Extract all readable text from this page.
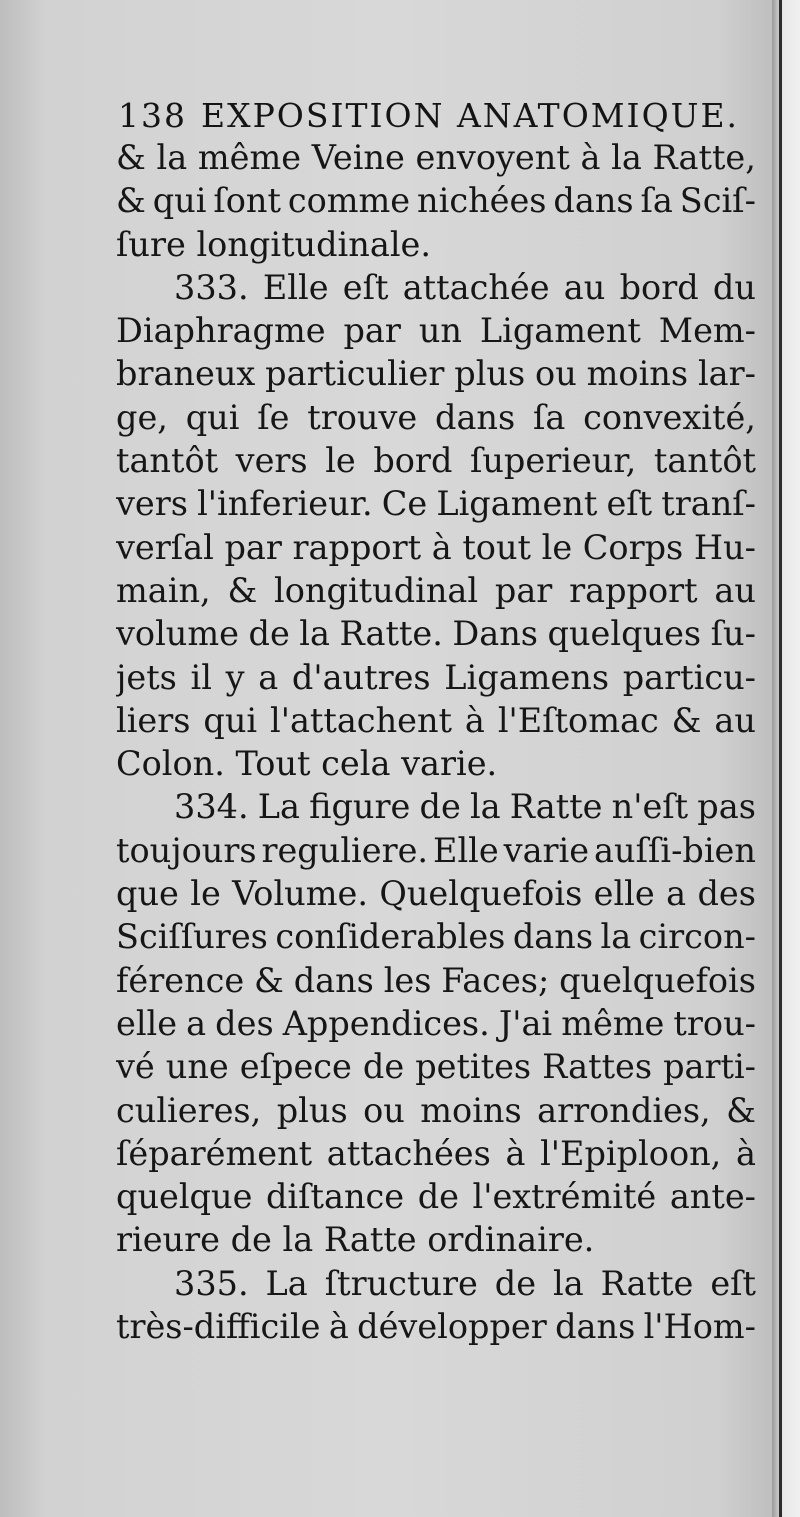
138 EXPOSITION ANATOMIQUE.
& la même Veine envoyent à la Ratte,
& qui ſont comme nichées dans ſa Sciſ-
ſure longitudinale.
333. Elle eſt attachée au bord du
Diaphragme par un Ligament Mem-
braneux particulier plus ou moins lar-
ge, qui ſe trouve dans ſa convexité,
tantôt vers le bord ſuperieur, tantôt
vers l'inferieur. Ce Ligament eſt tranſ-
verſal par rapport à tout le Corps Hu-
main, & longitudinal par rapport au
volume de la Ratte. Dans quelques ſu-
jets il y a d'autres Ligamens particu-
liers qui l'attachent à l'Eſtomac & au
Colon. Tout cela varie.
334. La figure de la Ratte n'eſt pas
toujours reguliere. Elle varie auſſi-bien
que le Volume. Quelquefois elle a des
Sciſſures conſiderables dans la circon-
férence & dans les Faces; quelquefois
elle a des Appendices. J'ai même trou-
vé une eſpece de petites Rattes parti-
culieres, plus ou moins arrondies, &
ſéparément attachées à l'Epiploon, à
quelque diſtance de l'extrémité ante-
rieure de la Ratte ordinaire.
335. La ſtructure de la Ratte eſt
très-difficile à développer dans l'Hom-
